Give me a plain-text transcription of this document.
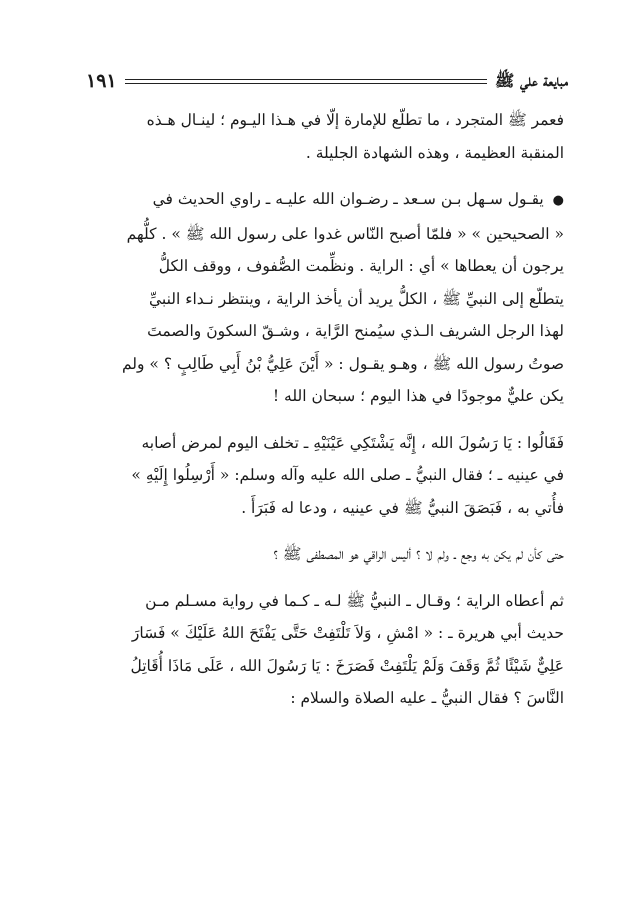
١٩١	مبايعة علي ﷺ

فعمر ﷺ المتجرد ، ما تطلّع للإمارة إلّا في هـذا اليـوم ؛ لينـال هـذه
المنقبة العظيمة ، وهذه الشهادة الجليلة .

● يقـول سـهل بـن سـعد ـ رضـوان الله عليـه ـ راوي الحديث في
« الصحيحين » « فلمّا أصبح النّاس غدوا على رسول الله ﷺ » . كلُّهم
يرجون أن يعطاها » أي : الراية . ونظِّمت الصُّفوف ، ووقف الكلُّ
يتطلّع إلى النبيِّ ﷺ ، الكلُّ يريد أن يأخذ الراية ، وينتظر نـداء النبيِّ
لهذا الرجل الشريف الـذي سيُمنح الرَّاية ، وشـقّ السكونَ والصمتَ
صوتُ رسول الله ﷺ ، وهـو يقـول : « أَيْنَ عَلِيُّ بْنُ أَبِي طَالِبٍ ؟ » ولم
يكن عليٌّ موجودًا في هذا اليوم ؛ سبحان الله !

فَقَالُوا : يَا رَسُولَ الله ، إِنَّه يَشْتَكِي عَيْنَيْهِ ـ تخلف اليوم لمرض أصابه
في عينيه ـ ؛ فقال النبيُّ ـ صلى الله عليه وآله وسلم: « أَرْسِلُوا إِلَيْهِ »
فأُتي به ، فَبَصَقَ النبيُّ ﷺ في عينيه ، ودعا له فَبَرَأَ .

حتى كأن لم يكن به وجع ـ ولم لا ؟ أليس الراقي هو المصطفى ﷺ ؟

ثم أعطاه الراية ؛ وقـال ـ النبيُّ ﷺ لـه ـ كـما في رواية مسـلم مـن
حديث أبي هريرة ـ : « امْشِ ، وَلاَ تَلْتَفِتْ حَتَّى يَفْتَحَ اللهُ عَلَيْكَ » فَسَارَ
عَلِيٌّ شَيْئًا ثُمَّ وَقَفَ وَلَمْ يَلْتَفِتْ فَصَرَخَ : يَا رَسُولَ الله ، عَلَى مَاذَا أُقَاتِلُ
النَّاسَ ؟ فقال النبيُّ ـ عليه الصلاة والسلام :
